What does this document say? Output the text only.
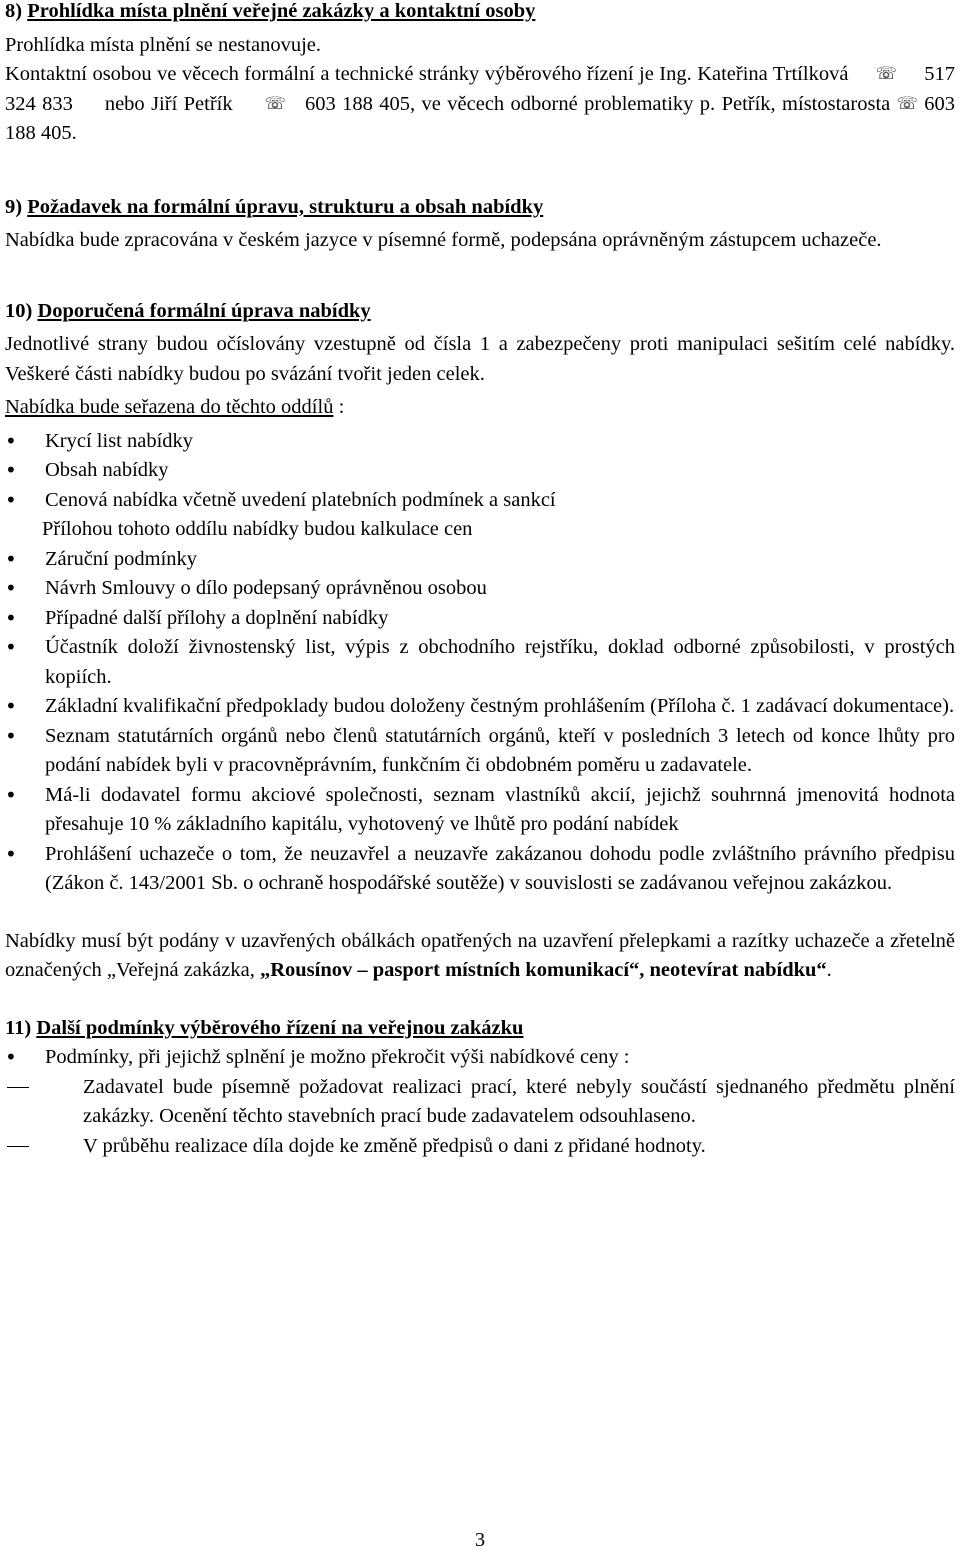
8) Prohlídka místa plnění veřejné zakázky a kontaktní osoby

Prohlídka místa plnění se nestanovuje.

Kontaktní osobou ve věcech formální a technické stránky výběrového řízení je Ing. Kateřina Trtílková ☏ 517 324 833 nebo Jiří Petřík ☏ 603 188 405, ve věcech odborné problematiky p. Petřík, místostarosta ☏ 603 188 405.

9) Požadavek na formální úpravu, strukturu a obsah nabídky

Nabídka bude zpracována v českém jazyce v písemné formě, podepsána oprávněným zástupcem uchazeče.

10) Doporučená formální úprava nabídky

Jednotlivé strany budou očíslovány vzestupně od čísla 1 a zabezpečeny proti manipulaci sešitím celé nabídky. Veškeré části nabídky budou po svázání tvořit jeden celek.

Nabídka bude seřazena do těchto oddílů :

• Krycí list nabídky
• Obsah nabídky
• Cenová nabídka včetně uvedení platebních podmínek a sankcí

Přílohou tohoto oddílu nabídky budou kalkulace cen

• Záruční podmínky
• Návrh Smlouvy o dílo podepsaný oprávněnou osobou
• Případné další přílohy a doplnění nabídky
• Účastník doloží živnostenský list, výpis z obchodního rejstříku, doklad odborné způsobilosti, v prostých kopiích.
• Základní kvalifikační předpoklady budou doloženy čestným prohlášením (Příloha č. 1 zadávací dokumentace).
• Seznam statutárních orgánů nebo členů statutárních orgánů, kteří v posledních 3 letech od konce lhůty pro podání nabídek byli v pracovněprávním, funkčním či obdobném poměru u zadavatele.
• Má-li dodavatel formu akciové společnosti, seznam vlastníků akcií, jejichž souhrnná jmenovitá hodnota přesahuje 10 % základního kapitálu, vyhotovený ve lhůtě pro podání nabídek
• Prohlášení uchazeče o tom, že neuzavřel a neuzavře zakázanou dohodu podle zvláštního právního předpisu (Zákon č. 143/2001 Sb. o ochraně hospodářské soutěže) v souvislosti se zadávanou veřejnou zakázkou.

Nabídky musí být podány v uzavřených obálkách opatřených na uzavření přelepkami a razítky uchazeče a zřetelně označených „Veřejná zakázka, „Rousínov – pasport místních komunikací“, neotevírat nabídku“.

11) Další podmínky výběrového řízení na veřejnou zakázku

• Podmínky, při jejichž splnění je možno překročit výši nabídkové ceny :
Zadavatel bude písemně požadovat realizaci prací, které nebyly součástí sjednaného předmětu plnění zakázky. Ocenění těchto stavebních prací bude zadavatelem odsouhlaseno.
V průběhu realizace díla dojde ke změně předpisů o dani z přidané hodnoty.
3
